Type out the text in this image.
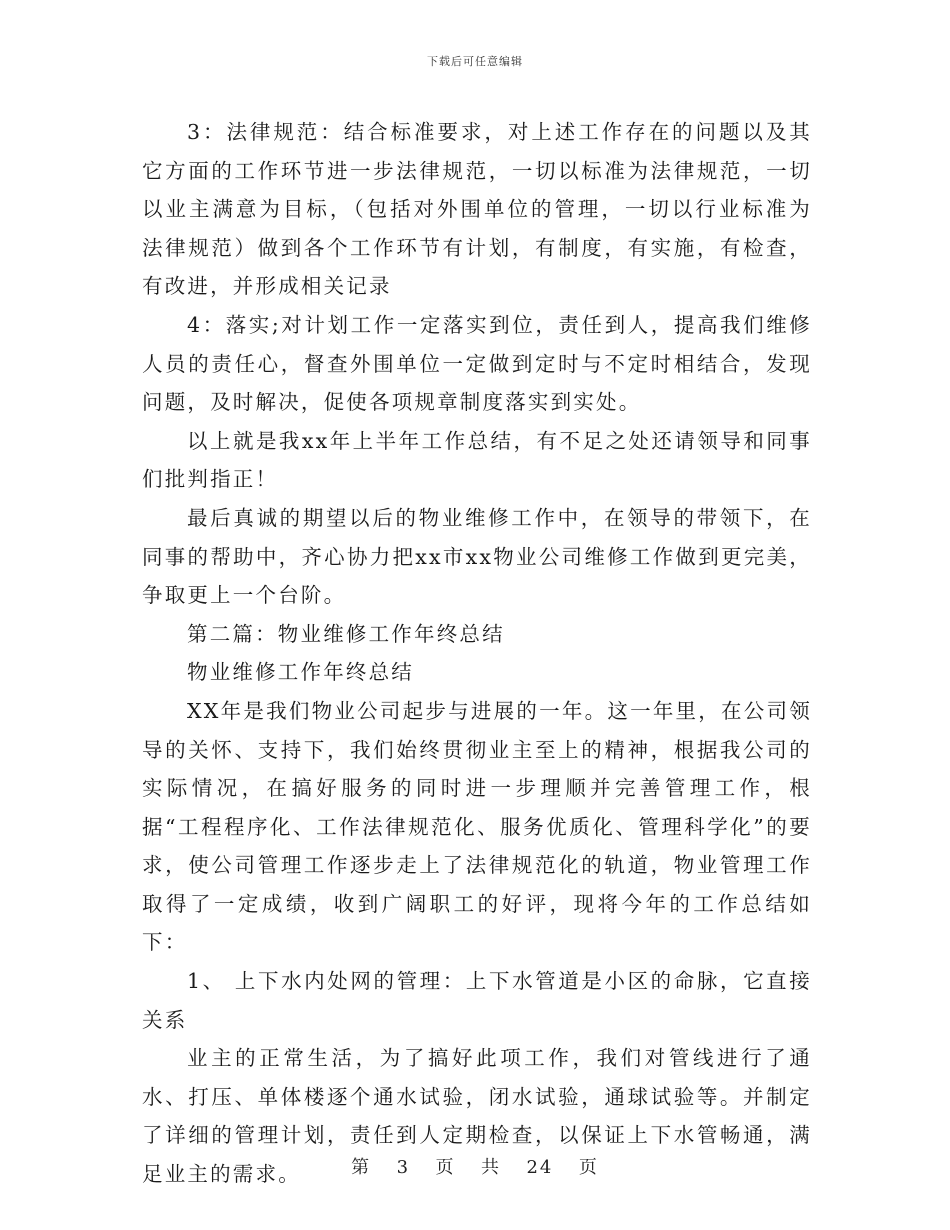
下载后可任意编辑

3：法律规范：结合标准要求，对上述工作存在的问题以及其它方面的工作环节进一步法律规范，一切以标准为法律规范，一切以业主满意为目标，（包括对外围单位的管理，一切以行业标准为法律规范）做到各个工作环节有计划，有制度，有实施，有检查，有改进，并形成相关记录

4：落实;对计划工作一定落实到位，责任到人，提高我们维修人员的责任心，督查外围单位一定做到定时与不定时相结合，发现问题，及时解决，促使各项规章制度落实到实处。

以上就是我xx年上半年工作总结，有不足之处还请领导和同事们批判指正！

最后真诚的期望以后的物业维修工作中，在领导的带领下，在同事的帮助中，齐心协力把xx市xx物业公司维修工作做到更完美，争取更上一个台阶。

第二篇：物业维修工作年终总结

物业维修工作年终总结

XX年是我们物业公司起步与进展的一年。这一年里，在公司领导的关怀、支持下，我们始终贯彻业主至上的精神，根据我公司的实际情况，在搞好服务的同时进一步理顺并完善管理工作，根据“工程程序化、工作法律规范化、服务优质化、管理科学化”的要求，使公司管理工作逐步走上了法律规范化的轨道，物业管理工作取得了一定成绩，收到广阔职工的好评，现将今年的工作总结如下：

1、 上下水内处网的管理：上下水管道是小区的命脉，它直接关系

业主的正常生活，为了搞好此项工作，我们对管线进行了通水、打压、单体楼逐个通水试验，闭水试验，通球试验等。并制定了详细的管理计划，责任到人定期检查，以保证上下水管畅通，满足业主的需求。	第 3 页 共 24 页
